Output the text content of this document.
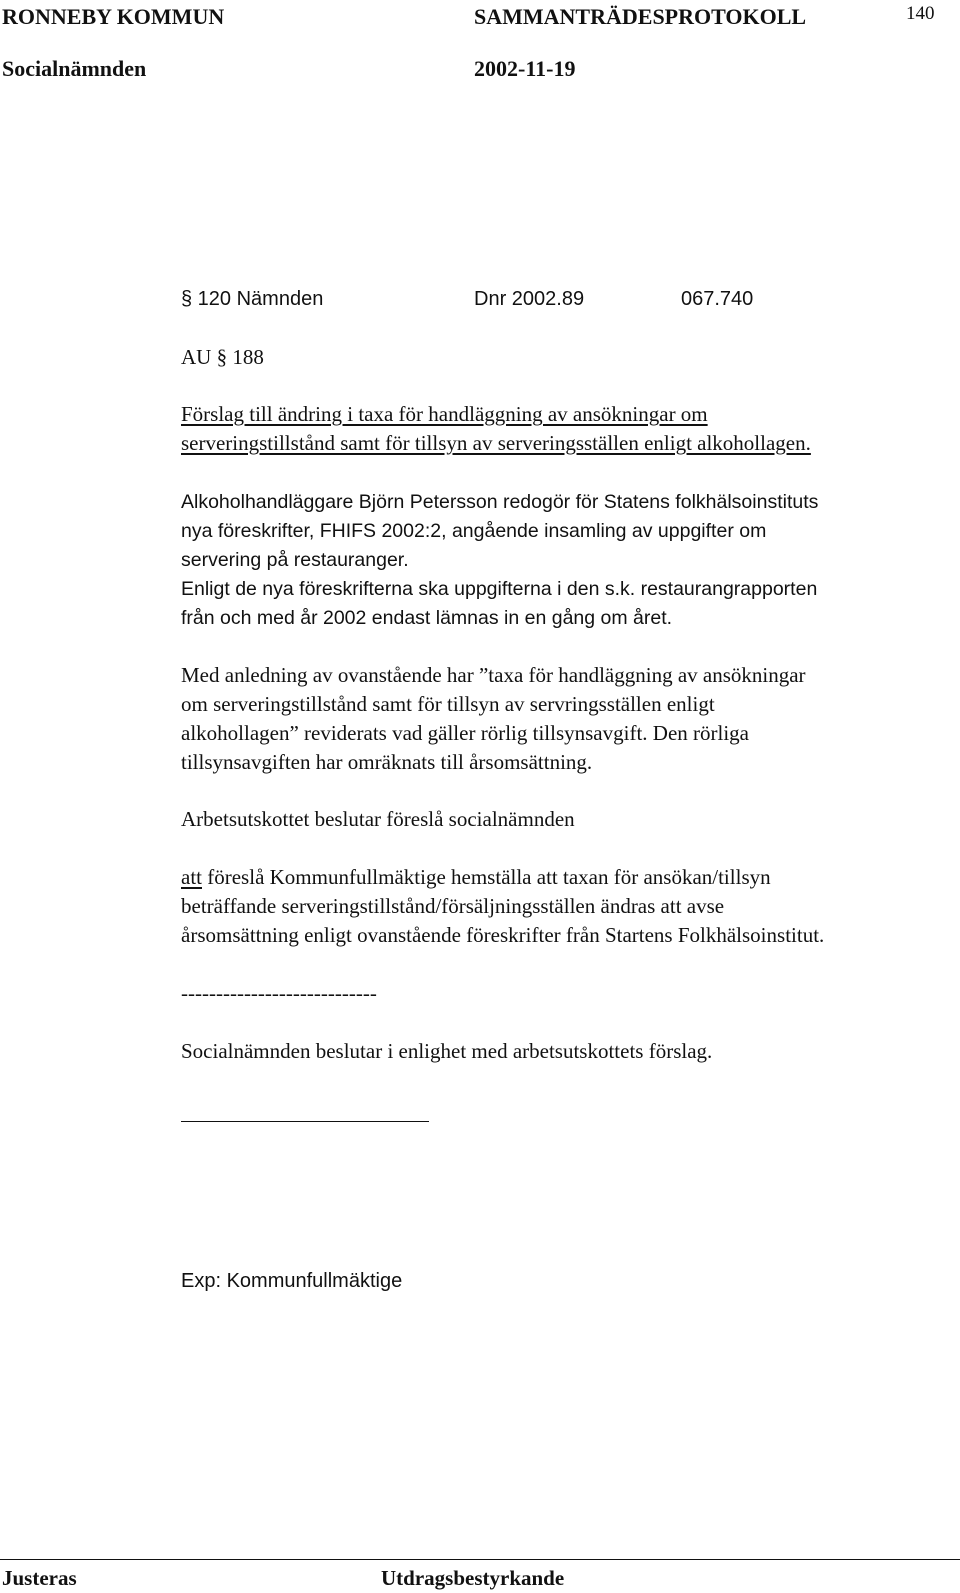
RONNEBY KOMMUN	SAMMANTRÄDESPROTOKOLL	140
Socialnämnden	2002-11-19
§ 120 Nämnden	Dnr 2002.89	067.740
AU § 188
Förslag till ändring i taxa för handläggning av ansökningar om
serveringstillstånd samt för tillsyn av serveringsställen enligt alkohollagen.
Alkoholhandläggare Björn Petersson redogör för Statens folkhälsoinstituts
nya föreskrifter, FHIFS 2002:2, angående insamling av uppgifter om
servering på restauranger.
Enligt de nya föreskrifterna ska uppgifterna i den s.k. restaurangrapporten
från och med år 2002 endast lämnas in en gång om året.
Med anledning av ovanstående har ”taxa för handläggning av ansökningar
om serveringstillstånd samt för tillsyn av servringsställen enligt
alkohollagen” reviderats vad gäller rörlig tillsynsavgift. Den rörliga
tillsynsavgiften har omräknats till årsomsättning.
Arbetsutskottet beslutar föreslå socialnämnden
att föreslå Kommunfullmäktige hemställa att taxan för ansökan/tillsyn
beträffande serveringstillstånd/försäljningsställen ändras att avse
årsomsättning enligt ovanstående föreskrifter från Startens Folkhälsoinstitut.
----------------------------
Socialnämnden beslutar i enlighet med arbetsutskottets förslag.
Exp: Kommunfullmäktige
Justeras	Utdragsbestyrkande
